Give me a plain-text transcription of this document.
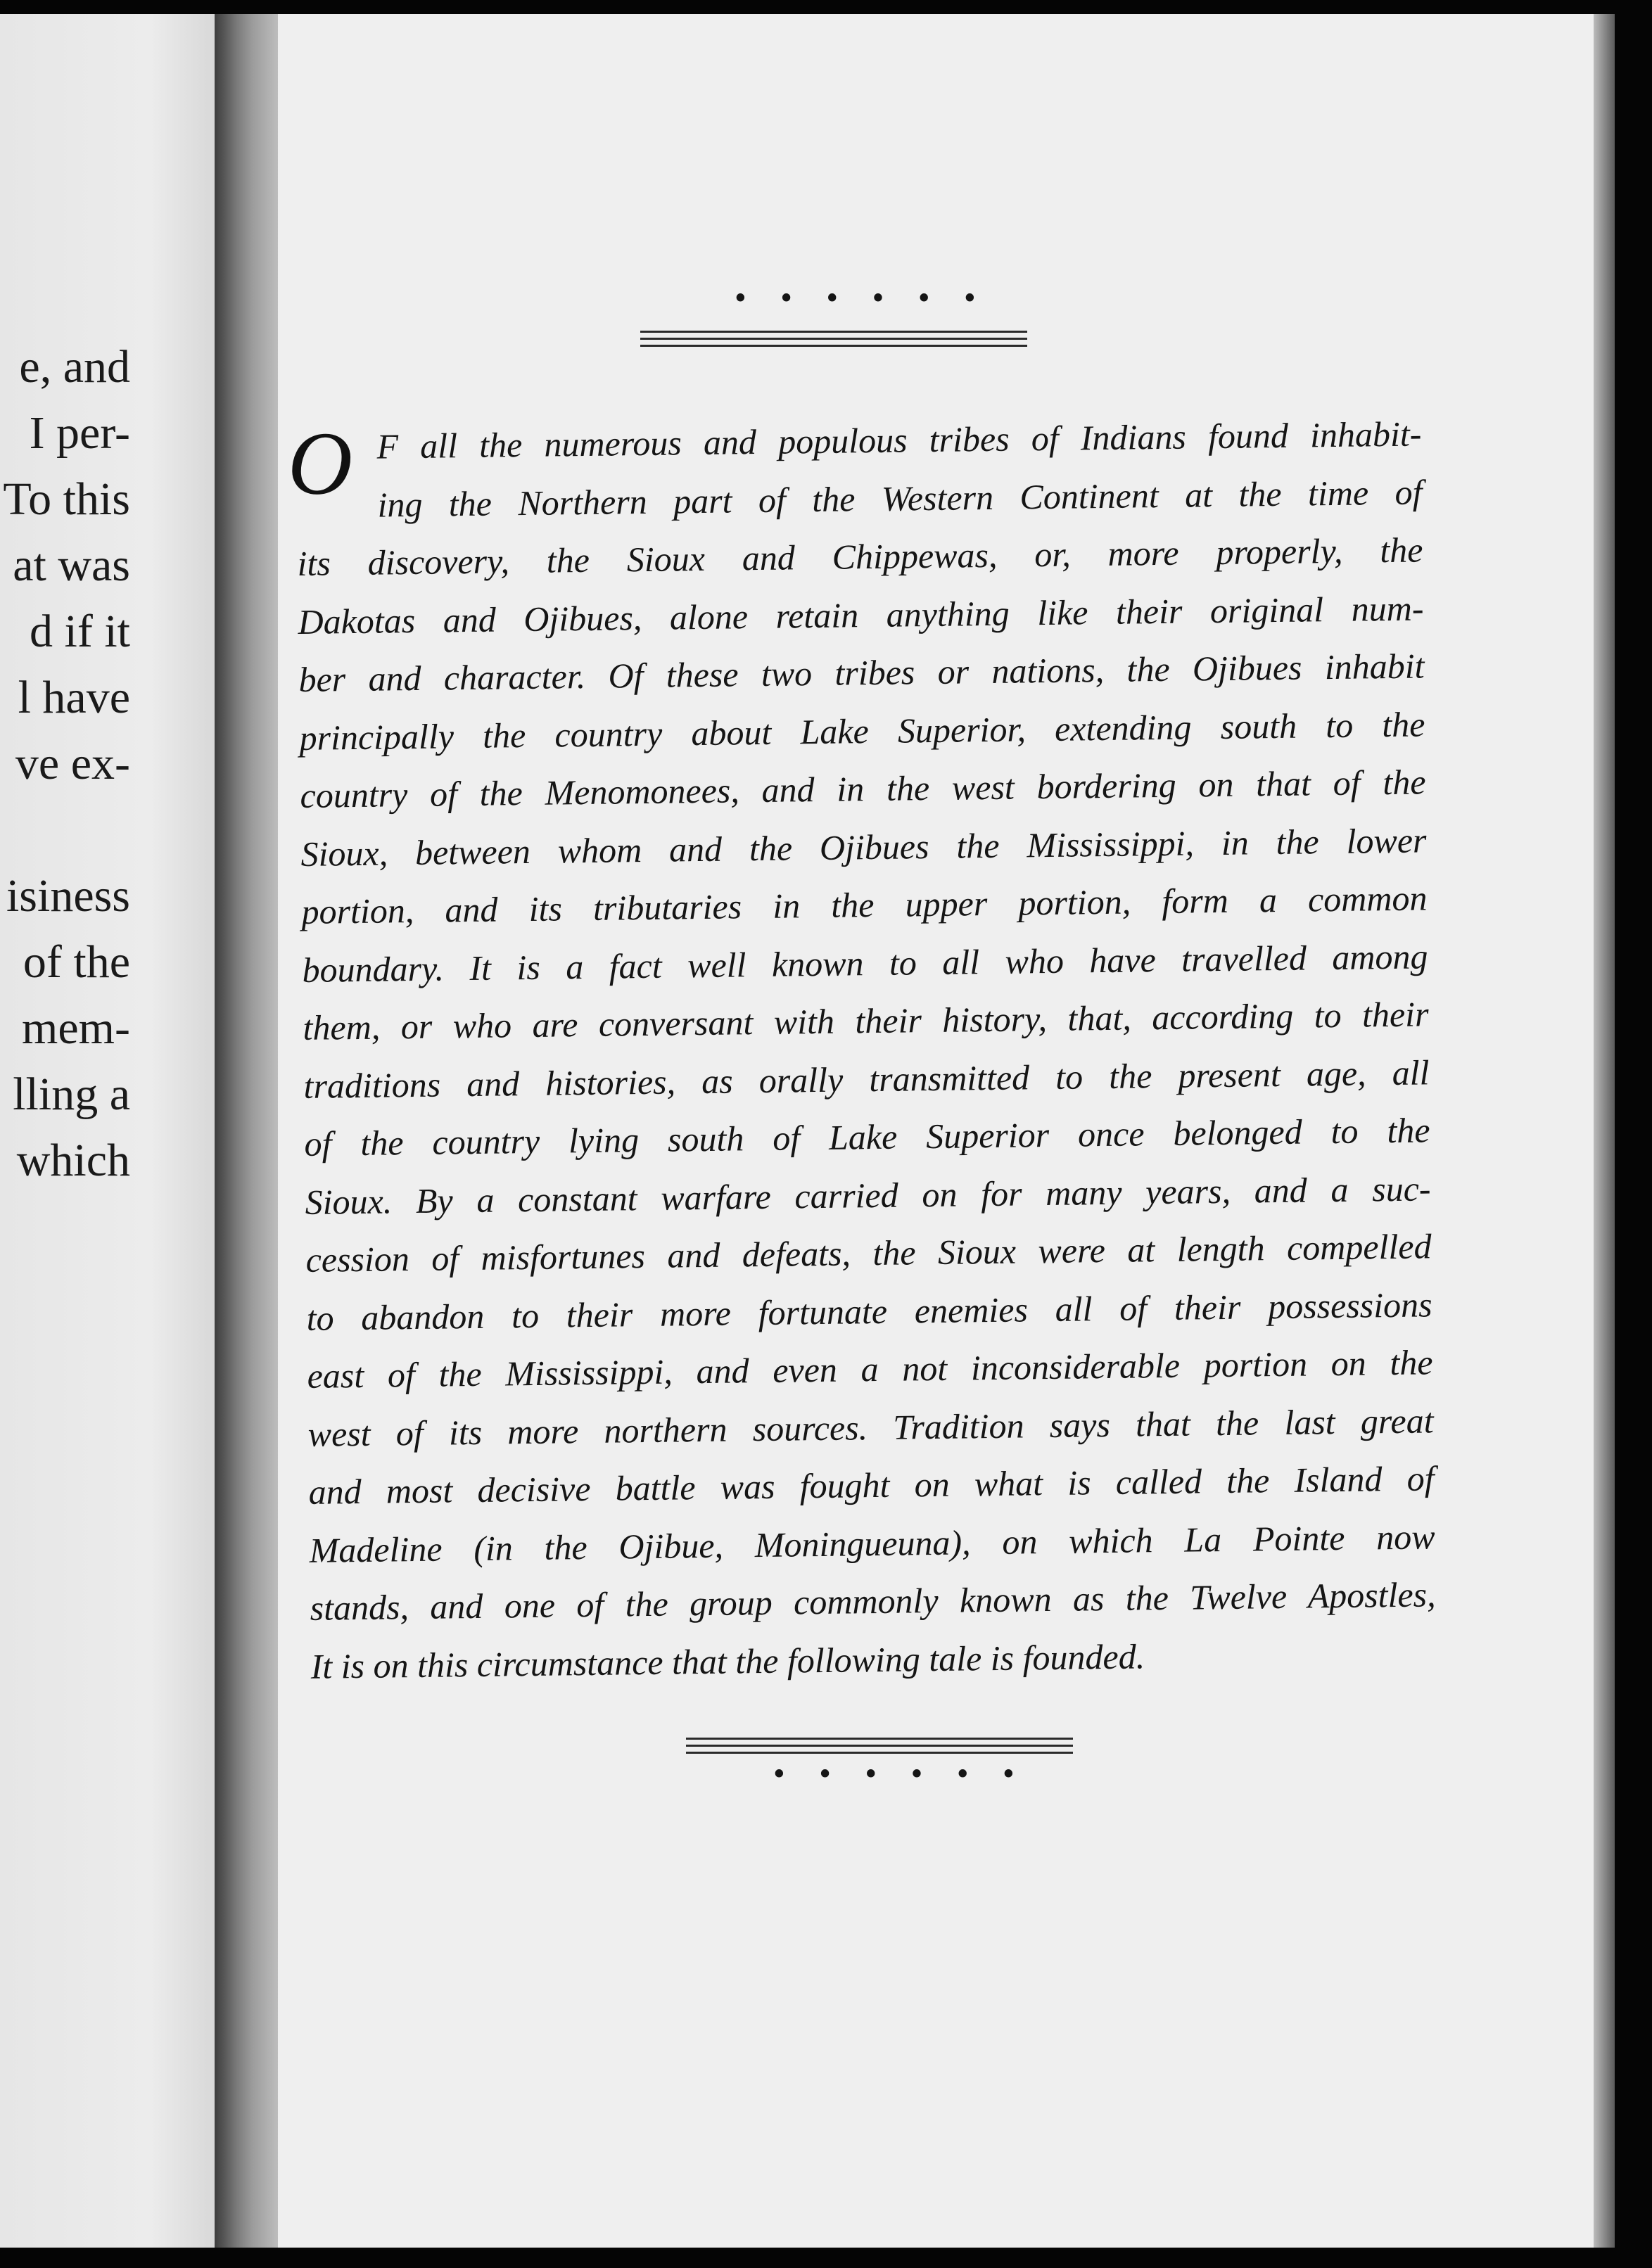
e, and
I per-
To this
at was
d if it
l have
ve ex-
isiness
of the
mem-
lling a
which
• • • • • •
O F all the numerous and populous tribes of Indians found inhabit-
ing the Northern part of the Western Continent at the time of
its discovery, the Sioux and Chippewas, or, more properly, the
Dakotas and Ojibues, alone retain anything like their original num-
ber and character. Of these two tribes or nations, the Ojibues inhabit
principally the country about Lake Superior, extending south to the
country of the Menomonees, and in the west bordering on that of the
Sioux, between whom and the Ojibues the Mississippi, in the lower
portion, and its tributaries in the upper portion, form a common
boundary. It is a fact well known to all who have travelled among
them, or who are conversant with their history, that, according to their
traditions and histories, as orally transmitted to the present age, all
of the country lying south of Lake Superior once belonged to the
Sioux. By a constant warfare carried on for many years, and a suc-
cession of misfortunes and defeats, the Sioux were at length compelled
to abandon to their more fortunate enemies all of their possessions
east of the Mississippi, and even a not inconsiderable portion on the
west of its more northern sources. Tradition says that the last great
and most decisive battle was fought on what is called the Island of
Madeline (in the Ojibue, Moningueuna), on which La Pointe now
stands, and one of the group commonly known as the Twelve Apostles,
It is on this circumstance that the following tale is founded.
• • • • • •
